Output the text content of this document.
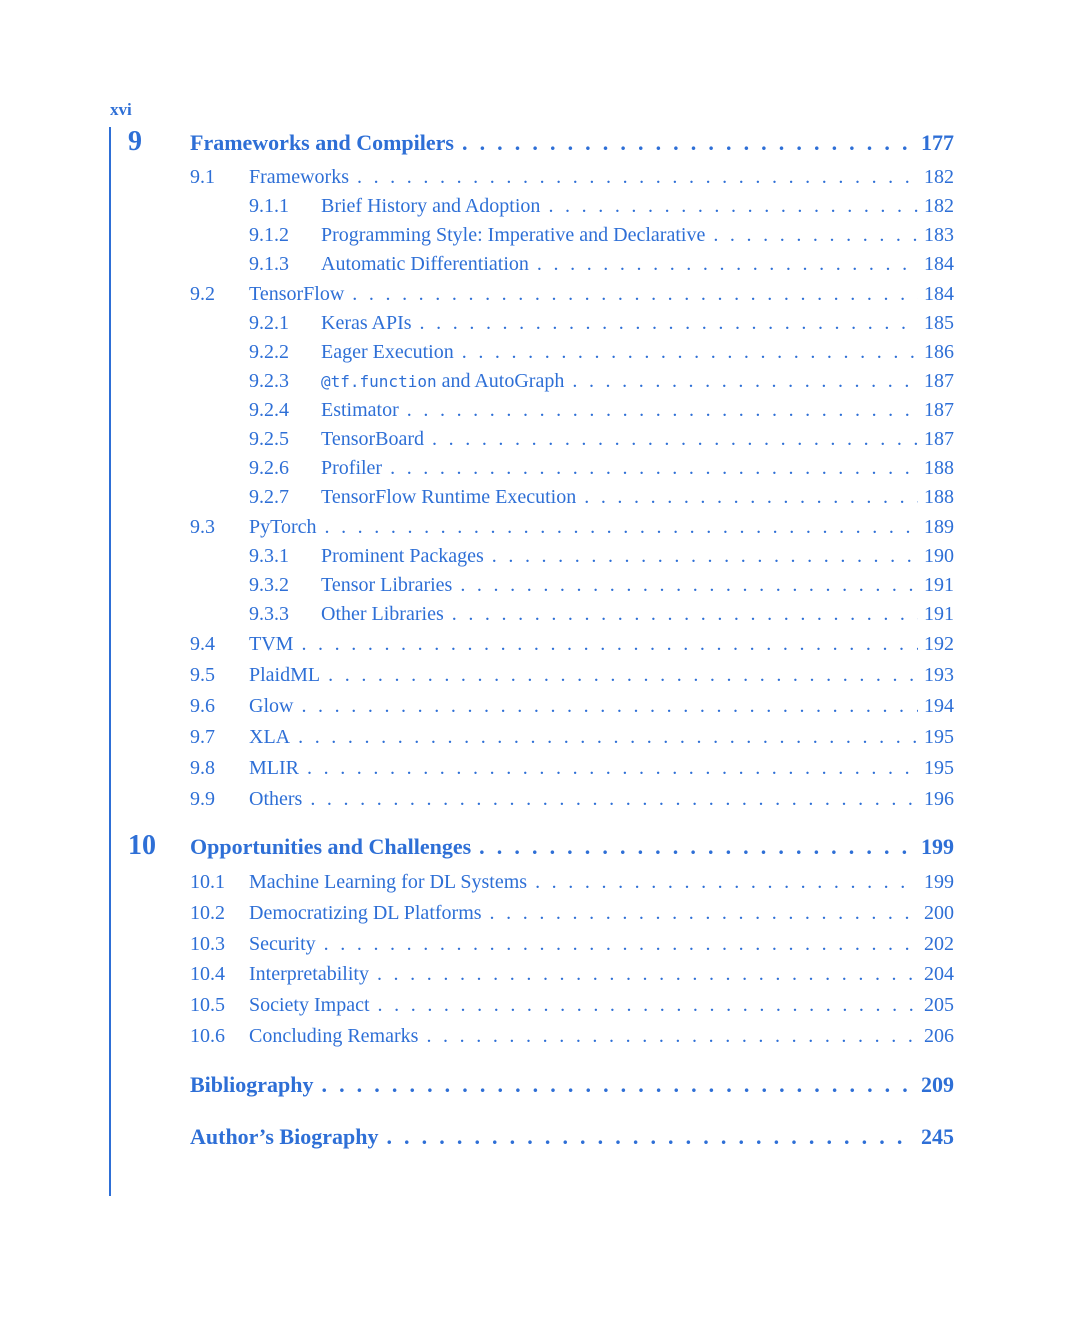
xvi
9 Frameworks and Compilers . . .	177
9.1 Frameworks . . .	182
9.1.1 Brief History and Adoption . . .	182
9.1.2 Programming Style: Imperative and Declarative . . .	183
9.1.3 Automatic Differentiation . . .	184
9.2 TensorFlow . . .	184
9.2.1 Keras APIs . . .	185
9.2.2 Eager Execution . . .	186
9.2.3 @tf.function and AutoGraph . . .	187
9.2.4 Estimator . . .	187
9.2.5 TensorBoard . . .	187
9.2.6 Profiler . . .	188
9.2.7 TensorFlow Runtime Execution . . .	188
9.3 PyTorch . . .	189
9.3.1 Prominent Packages . . .	190
9.3.2 Tensor Libraries . . .	191
9.3.3 Other Libraries . . .	191
9.4 TVM . . .	192
9.5 PlaidML . . .	193
9.6 Glow . . .	194
9.7 XLA . . .	195
9.8 MLIR . . .	195
9.9 Others . . .	196
10 Opportunities and Challenges . . .	199
10.1 Machine Learning for DL Systems . . .	199
10.2 Democratizing DL Platforms . . .	200
10.3 Security . . .	202
10.4 Interpretability . . .	204
10.5 Society Impact . . .	205
10.6 Concluding Remarks . . .	206
Bibliography . . .	209
Author’s Biography . . .	245
